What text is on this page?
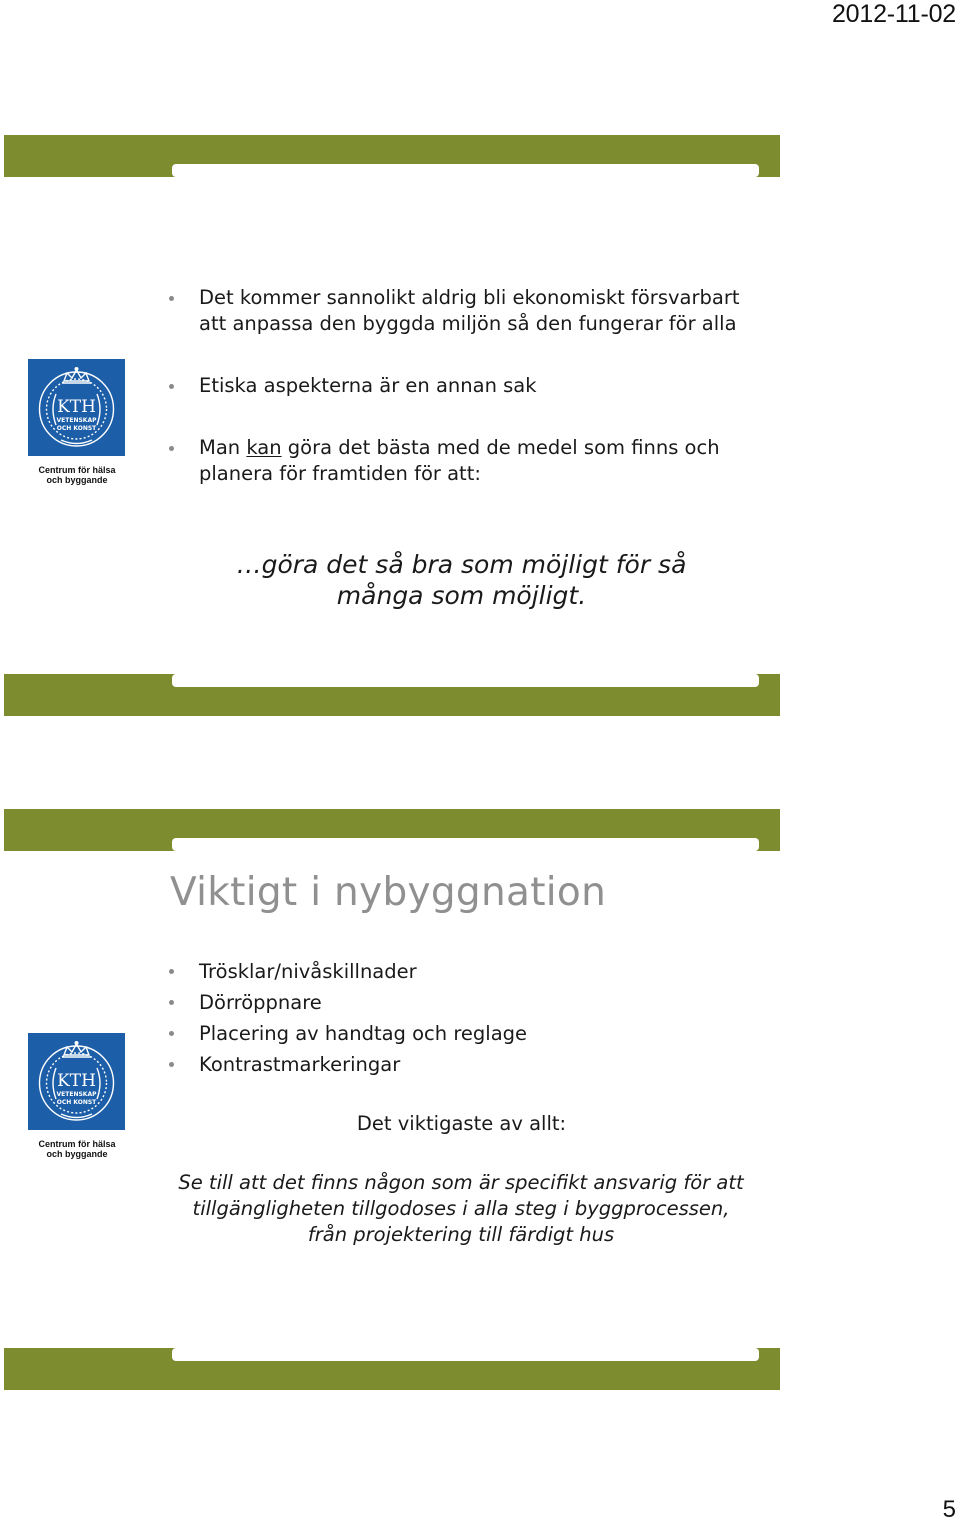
2012-11-02
KTH
VETENSKAP
OCH KONST
Centrum för hälsa
och byggande
Det kommer sannolikt aldrig bli ekonomiskt försvarbart att anpassa den byggda miljön så den fungerar för alla
Etiska aspekterna är en annan sak
Man kan göra det bästa med de medel som finns och planera för framtiden för att:
…göra det så bra som möjligt för så många som möjligt.
Viktigt i nybyggnation
KTH
VETENSKAP
OCH KONST
Centrum för hälsa
och byggande
Trösklar/nivåskillnader
Dörröppnare
Placering av handtag och reglage
Kontrastmarkeringar
Det viktigaste av allt:
Se till att det finns någon som är specifikt ansvarig för att tillgängligheten tillgodoses i alla steg i byggprocessen, från projektering till färdigt hus
5
